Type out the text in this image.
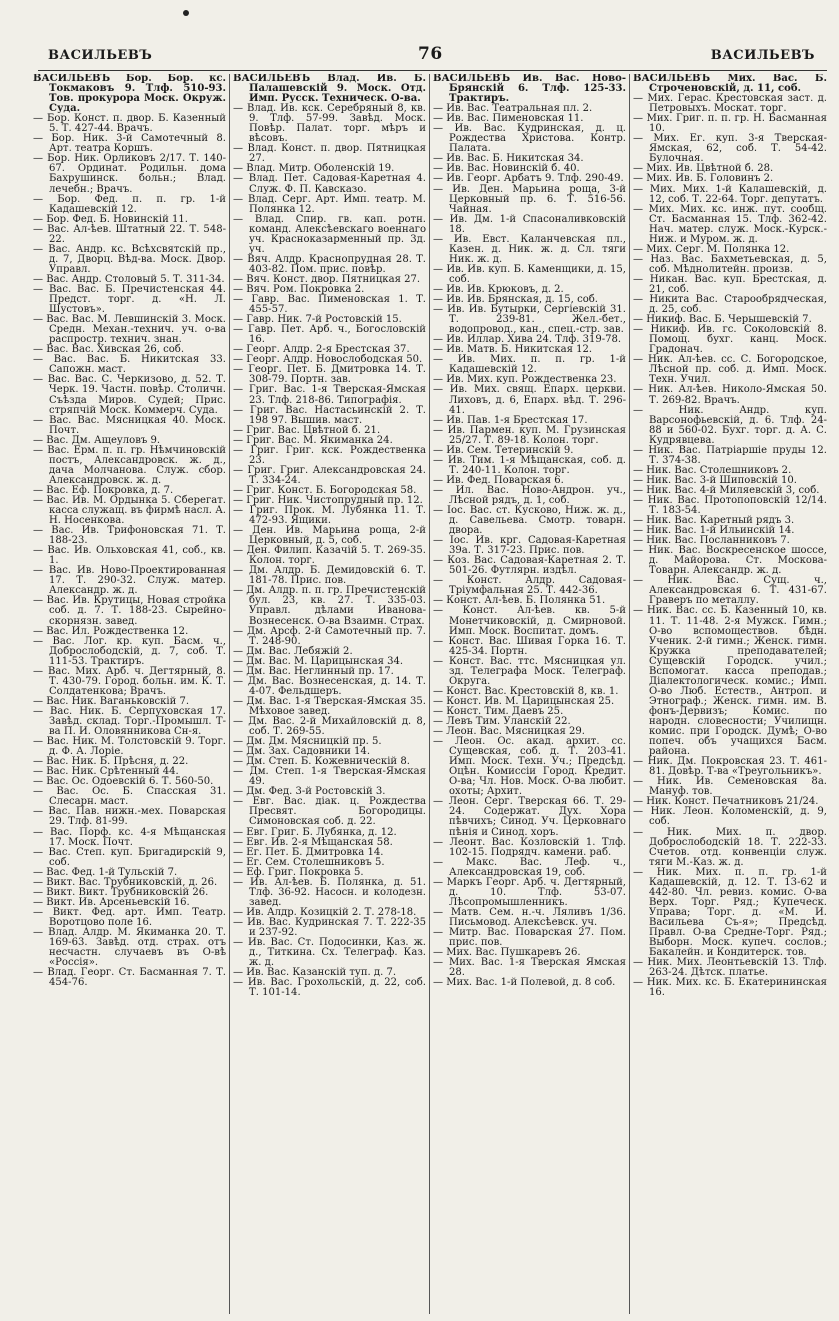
ВАСИЛЬЕВЪ	76	ВАСИЛЬЕВЪ

ВАСИЛЬЕВЪ Бор. Бор. кс. Токмаковъ 9. Тлф. 510-93. Тов. прокурора Моск. Окруж. Суда.

— Бор. Конст. п. двор. Б. Казенный 5. Т. 427-44. Врачъ.

— Бор. Ник. 3-й Самотечный 8. Арт. театра Коршъ.

— Бор. Ник. Орликовъ 2/17. Т. 140-67. Ординат. Родильн. дома Бахрушинск. больн.; Влад. лечебн.; Врачъ.

— Бор. Фед. п. п. гр. 1-й Кадашевскій 12.

— Бор. Фед. Б. Новинскій 11.

— Вас. Ал-ѣев. Штатный 22. Т. 548-22.

— Вас. Андр. кс. Всѣхсвятскій пр., д. 7, Дворц. Вѣд-ва. Моск. Двор. Управл.

— Вас. Андр. Столовый 5. Т. 311-34.

— Вас. Вас. Б. Пречистенская 44. Предст. торг. д. «Н. Л. Шустовъ».

— Вас. Вас. М. Левшинскій 3. Моск. Средн. Механ.-технич. уч. о-ва распростр. технич. знан.

— Вас. Вас. Хивская 26, соб.

— Вас. Вас. Б. Никитская 33. Сапожн. маст.

— Вас. Вас. С. Черкизово, д. 52. Т. Черк. 19. Частн. повѣр. Столичн. Съѣзда Миров. Судей; Прис. стряпчій Моск. Коммерч. Суда.

— Вас. Вас. Мясницкая 40. Моск. Почт.

— Вас. Дм. Ащеуловъ 9.

— Вас. Ерм. п. п. гр. Нѣмчиновскій постъ, Александровск. ж. д., дача Молчанова. Служ. сбор. Александровск. ж. д.

— Вас. Еф. Покровка, д. 7.

— Вас. Ив. М. Ордынка 5. Сберегат. касса служащ. въ фирмѣ насл. А. Н. Носенкова.

— Вас. Ив. Трифоновская 71. Т. 188-23.

— Вас. Ив. Ольховская 41, соб., кв. 1.

— Вас. Ив. Ново-Проектированная 17. Т. 290-32. Служ. матер. Александр. ж. д.

— Вас. Ив. Крутицы, Новая стройка соб. д. 7. Т. 188-23. Сырейно-скорнязн. завед.

— Вас. Ил. Рождественка 12.

— Вас. Лог. кр. куп. Басм. ч., Доброслободскій, д. 7, соб. Т. 111-53. Трактиръ.

— Вас. Мих. Арб. ч. Дегтярный, 8. Т. 430-79. Город. больн. им. К. Т. Солдатенкова; Врачъ.

— Вас. Ник. Ваганьковскій 7.

— Вас. Ник. Б. Серпуховская 17. Завѣд. склад. Торг.-Промышл. Т-ва П. И. Оловянникова Сн-я.

— Вас. Ник. М. Толстовскій 9. Торг. д. Ф. А. Лорiе.

— Вас. Ник. Б. Прѣсня, д. 22.

— Вас. Ник. Срѣтенный 44.

— Вас. Ос. Одоевскій 6. Т. 560-50.

— Вас. Ос. Б. Спасская 31. Слесарн. маст.

— Вас. Пав. нижн.-мех. Поварская 29. Тлф. 81-99.

— Вас. Порф. кс. 4-я Мѣщанская 17. Моск. Почт.

— Вас. Степ. куп. Бригадирскій 9, соб.

— Вас. Фед. 1-й Тульскій 7.

— Викт. Вас. Трубниковскій, д. 26.

— Викт. Викт. Трубниковскій 26.

— Викт. Ив. Арсеньевскій 16.

— Викт. Фед. арт. Имп. Театр. Воротцово поле 16.

— Влад. Алдр. М. Якиманка 20. Т. 169-63. Завѣд. отд. страх. отъ несчастн. случаевъ въ О-вѣ «Россія».

— Влад. Георг. Ст. Басманная 7. Т. 454-76.

ВАСИЛЬЕВЪ Влад. Ив. Б. Палашевскій 9. Моск. Отд. Имп. Русск. Техническ. О-ва.

— Влад. Ив. кск. Серебряный 8, кв. 9. Тлф. 57-99. Завѣд. Моск. Повѣр. Палат. торг. мѣръ и вѣсовъ.

— Влад. Конст. п. двор. Пятницкая 27.

— Влад. Митр. Оболенскій 19.

— Влад. Пет. Садовая-Каретная 4. Служ. Ф. П. Кавсказо.

— Влад. Серг. Арт. Имп. театр. М. Полянка 12.

— Влад. Спир. гв. кап. ротн. команд. Алексѣевскаго военнаго уч. Красноказарменный пр. 3д. уч.

— Вяч. Алдр. Краснопрудная 28. Т. 403-82. Пом. прис. повѣр.

— Вяч. Конст. двор. Пятницкая 27.

— Вяч. Ром. Покровка 2.

— Гавр. Вас. Пименовская 1. Т. 455-57.

— Гавр. Ник. 7-й Ростовскій 15.

— Гавр. Пет. Арб. ч., Богословскій 16.

— Георг. Алдр. 2-я Брестская 37.

— Георг. Алдр. Новослободская 50.

— Георг. Пет. Б. Дмитровка 14. Т. 308-79. Портн. зав.

— Григ. Вас. 1-я Тверская-Ямская 23. Тлф. 218-86. Типографія.

— Григ. Вас. Настасьинскій 2. Т. 198 97. Вышив. маст.

— Григ. Вас. Цвѣтной б. 21.

— Григ. Вас. М. Якиманка 24.

— Григ. Григ. кск. Рождественка 23.

— Григ. Григ. Александровская 24. Т. 334-24.

— Григ. Конст. Б. Богородская 58.

— Григ. Ник. Чистопрудный пр. 12.

— Григ. Прок. М. Лубянка 11. Т. 472-93. Ящики.

— Ден. Ив. Марьина роща, 2-й Церковный, д. 5, соб.

— Ден. Филип. Казачій 5. Т. 269-35. Колон. торг.

— Дм. Алдр. Б. Демидовскій 6. Т. 181-78. Прис. пов.

— Дм. Алдр. п. п. гр. Пречистенскій бул. 23, кв. 27. Т. 335-03. Управл. дѣлами Иванова-Вознесенск. О-ва Взаимн. Страх.

— Дм. Арсф. 2-й Самотечный пр. 7. Т. 248-90.

— Дм. Вас. Лебяжій 2.

— Дм. Вас. М. Царицынская 34.

— Дм. Вас. Неглинный пр. 17.

— Дм. Вас. Вознесенская, д. 14. Т. 4-07. Фельдшеръ.

— Дм. Вас. 1-я Тверская-Ямская 35. Мѣховое завед.

— Дм. Вас. 2-й Михайловскій д. 8, соб. Т. 269-55.

— Дм. Дм. Мясницкій пр. 5.

— Дм. Зах. Садовники 14.

— Дм. Степ. Б. Кожевническій 8.

— Дм. Степ. 1-я Тверская-Ямская 49.

— Дм. Фед. 3-й Ростовскій 3.

— Евг. Вас. діак. ц. Рождества Пресвят. Богородицы. Симоновская соб. д. 22.

— Евг. Григ. Б. Лубянка, д. 12.

— Евг. Ив. 2-я Мѣщанская 58.

— Ег. Пет. Б. Дмитровка 14.

— Ег. Сем. Столешниковъ 5.

— Еф. Григ. Покровка 5.

— Ив. Ал-ѣев. Б. Полянка, д. 51. Тлф. 36-92. Насосн. и колодезн. завед.

— Ив. Алдр. Козицкій 2. Т. 278-18.

— Ив. Вас. Кудринская 7. Т. 222-35 и 237-92.

— Ив. Вас. Ст. Подосинки, Каз. ж. д., Титкина. Сх. Телеграф. Каз. ж. д.

— Ив. Вас. Казанскій туп. д. 7.

— Ив. Вас. Грохольскій, д. 22, соб. Т. 101-14.

ВАСИЛЬЕВЪ Ив. Вас. Ново-Брянскій 6. Тлф. 125-33. Трактиръ.

— Ив. Вас. Театральная пл. 2.

— Ив. Вас. Пименовская 11.

— Ив. Вас. Кудринская, д. ц. Рождества Христова. Контр. Палата.

— Ив. Вас. Б. Никитская 34.

— Ив. Вас. Новинскій б. 40.

— Ив. Георг. Арбатъ 9. Тлф. 290-49.

— Ив. Ден. Марьина роща, 3-й Церковный пр. 6. Т. 516-56. Чайная.

— Ив. Дм. 1-й Спасоналивковскій 18.

— Ив. Евст. Каланчевская пл., Казен. д. Ник. ж. д. Сл. тяги Ник. ж. д.

— Ив. Ив. куп. Б. Каменщики, д. 15, соб.

— Ив. Ив. Крюковъ, д. 2.

— Ив. Ив. Брянская, д. 15, соб.

— Ив. Ив. Бутырки, Сергіевскій 31. Т. 239-81. Жел.-бет., водопровод., кан., спец.-стр. зав.

— Ив. Иллар. Хива 24. Тлф. 319-78.

— Ив. Матв. Б. Никитская 12.

— Ив. Мих. п. п. гр. 1-й Кадашевскій 12.

— Ив. Мих. куп. Рождественка 23.

— Ив. Мих. свящ. Епарх. церкви. Лиховъ, д. 6, Епарх. вѣд. Т. 296-41.

— Ив. Пав. 1-я Брестская 17.

— Ив. Пармен. куп. М. Грузинская 25/27. Т. 89-18. Колон. торг.

— Ив. Сем. Тетеринскій 9.

— Ив. Тим. 1-я Мѣщанская, соб. д. Т. 240-11. Колон. торг.

— Ив. Фед. Поварская 6.

— Ил. Вас. Ново-Андрон. уч., Лѣсной рядъ, д. 1, соб.

— Іос. Вас. ст. Кусково, Ниж. ж. д., д. Савельева. Смотр. товарн. двора.

— Іос. Ив. крг. Садовая-Каретная 39а. Т. 317-23. Прис. пов.

— Коз. Вас. Садовая-Каретная 2. Т. 501-26. Футлярн. издѣл.

— Конст. Алдр. Садовая-Тріумфальная 25. Т. 442-36.

— Конст. Ал-ѣев. Б. Полянка 51.

— Конст. Ал-ѣев. кв. 5-й Монетчиковскій, д. Смирновой. Имп. Моск. Воспитат. домъ.

— Конст. Вас. Шивая Горка 16. Т. 425-34. Портн.

— Конст. Вас. ттс. Мясницкая ул. зд. Телеграфа Моск. Телеграф. Округа.

— Конст. Вас. Крестовскій 8, кв. 1.

— Конст. Ив. М. Царицынская 25.

— Конст. Тим. Даевъ 25.

— Левъ Тим. Уланскій 22.

— Леон. Вас. Мясницкая 29.

— Леон. Ос. акад. архит. сс. Сущевская, соб. д. Т. 203-41. Имп. Моск. Техн. Уч.; Предсѣд. Оцѣн. Комиссіи Город. Кредит. О-ва; Чл. Нов. Моск. О-ва любит. охоты; Архит.

— Леон. Серг. Тверская 66. Т. 29-24. Содержат. Дух. Хора пѣвчихъ; Синод. Уч. Церковнаго пѣнія и Синод. хоръ.

— Леонт. Вас. Козловскій 1. Тлф. 102-15. Подрядч. камени. раб.

— Макс. Вас. Леф. ч., Александровская 19, соб.

— Маркъ Георг. Арб. ч. Дегтярный, д. 10. Тлф. 53-07. Лѣсопромышленникъ.

— Матв. Сем. н.-ч. Ляливъ 1/36. Письмовод. Алексѣевск. уч.

— Митр. Вас. Поварская 27. Пом. прис. пов.

— Мих. Вас. Пушкаревъ 26.

— Мих. Вас. 1-я Тверская Ямская 28.

— Мих. Вас. 1-й Полевой, д. 8 соб.

ВАСИЛЬЕВЪ Мих. Вас. Б. Строченовскій, д. 11, соб.

— Мих. Герас. Крестовская заст. д. Петровыхъ. Москат. торг.

— Мих. Григ. п. п. гр. Н. Басманная 10.

— Мих. Ег. куп. 3-я Тверская-Ямская, 62, соб. Т. 54-42. Булочная.

— Мих. Ив. Цвѣтной б. 28.

— Мих. Ив. Б. Головинъ 2.

— Мих. Мих. 1-й Калашевскій, д. 12, соб. Т. 22-64. Торг. депутатъ.

— Мих. Мих. кс. инж. пут. сообщ. Ст. Басманная 15. Тлф. 362-42. Нач. матер. служ. Моск.-Курск.-Ниж. и Муром. ж. д.

— Мих. Серг. М. Полянка 12.

— Наз. Вас. Бахметьевская, д. 5, соб. Мѣднолитейн. произв.

— Никан. Вас. куп. Брестская, д. 21, соб.

— Никита Вас. Старообрядческая, д. 25, соб.

— Никиф. Вас. Б. Черышевскій 7.

— Никиф. Ив. гс. Соколовскій 8. Помощ. бухг. канц. Моск. Градонач.

— Ник. Ал-ѣев. сс. С. Богородское, Лѣсной пр. соб. д. Имп. Моск. Техн. Учил.

— Ник. Ал-ѣев. Николо-Ямская 50. Т. 269-82. Врачъ.

— Ник. Андр. куп. Варсонофьевскій, д. 6. Тлф. 24-88 и 560-02. Бухг. торг. д. А. С. Кудрявцева.

— Ник. Вас. Патріаршіе пруды 12. Т. 374-38.

— Ник. Вас. Столешниковъ 2.

— Ник. Вас. 3-й Шиповскій 10.

— Ник. Вас. 4-й Миляевскій 3, соб.

— Ник. Вас. Протопоповскій 12/14. Т. 183-54.

— Ник. Вас. Каретный рядъ 3.

— Ник. Вас. 1-й Ильинскій 14.

— Ник. Вас. Посланниковъ 7.

— Ник. Вас. Воскресенское шоссе, д. Майорова. Ст. Москова-Товарн. Александр. ж. д.

— Ник. Вас. Сущ. ч., Александровская 6. Т. 431-67. Граверъ по металлу.

— Ник. Вас. сс. Б. Казенный 10, кв. 11. Т. 11-48. 2-я Мужск. Гимн.; О-во вспомоществов. бѣдн. Ученик. 2-й гимн.; Женск. гимн. Кружка преподавателей; Сущевскій Городск. учил.; Вспомогат. касса преподав.; Діалектологическ. комис.; Имп. О-во Люб. Естеств., Антроп. и Этнограф.; Женск. гимн. им. В. фонъ-Дервизъ; Комис. по народн. словесности; Училищн. комис. при Городск. Думѣ; О-во попеч. объ учащихся Басм. района.

— Ник. Дм. Покровская 23. Т. 461-81. Довѣр. Т-ва «Треугольникъ».

— Ник. Ив. Семеновская 8а. Мануф. тов.

— Ник. Конст. Печатниковъ 21/24.

— Ник. Леон. Коломенскій, д. 9, соб.

— Ник. Мих. п. двор. Доброслободскій 18. Т. 222-33. Счетов. отд. конвенціи служ. тяги М.-Каз. ж. д.

— Ник. Мих. п. п. гр. 1-й Кадашевскій, д. 12. Т. 13-62 и 442-80. Чл. ревиз. комис. О-ва Верх. Торг. Ряд.; Купеческ. Управа; Торг. д. «М. И. Васильева Съ-я»; Предсѣд. Правл. О-ва Средне-Торг. Ряд.; Выборн. Моск. купеч. сослов.; Бакалейн. и Кондитерск. тов.

— Ник. Мих. Леонтьевскій 13. Тлф. 263-24. Дѣтск. платье.

— Ник. Мих. кс. Б. Екатерининская 16.
